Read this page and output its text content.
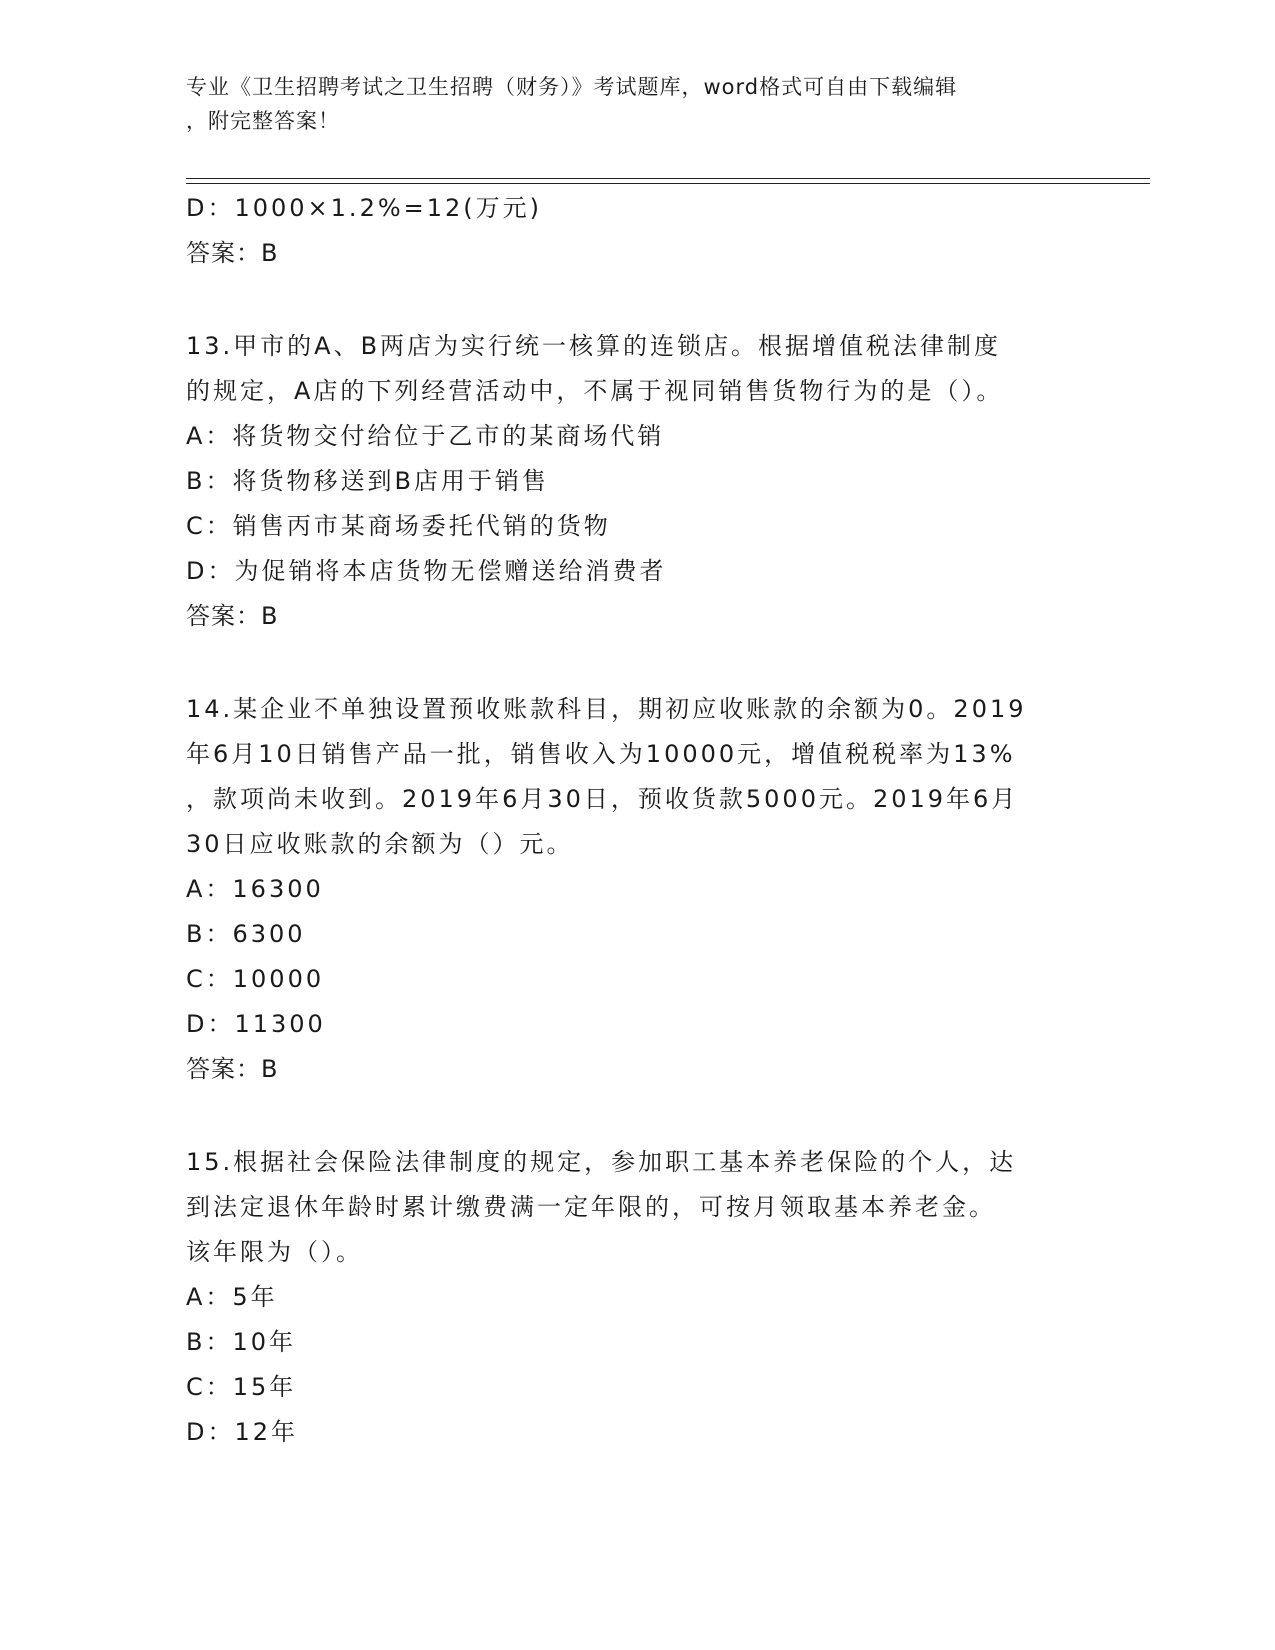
专业《卫生招聘考试之卫生招聘（财务）》考试题库，word格式可自由下载编辑
，附完整答案！
D：1000×1.2%=12(万元)
答案：B
13.甲市的A、B两店为实行统一核算的连锁店。根据增值税法律制度
的规定，A店的下列经营活动中，不属于视同销售货物行为的是（）。
A：将货物交付给位于乙市的某商场代销
B：将货物移送到B店用于销售
C：销售丙市某商场委托代销的货物
D：为促销将本店货物无偿赠送给消费者
答案：B
14.某企业不单独设置预收账款科目，期初应收账款的余额为0。2019
年6月10日销售产品一批，销售收入为10000元，增值税税率为13%
，款项尚未收到。2019年6月30日，预收货款5000元。2019年6月
30日应收账款的余额为（）元。
A：16300
B：6300
C：10000
D：11300
答案：B
15.根据社会保险法律制度的规定，参加职工基本养老保险的个人，达
到法定退休年龄时累计缴费满一定年限的，可按月领取基本养老金。
该年限为（）。
A：5年
B：10年
C：15年
D：12年
